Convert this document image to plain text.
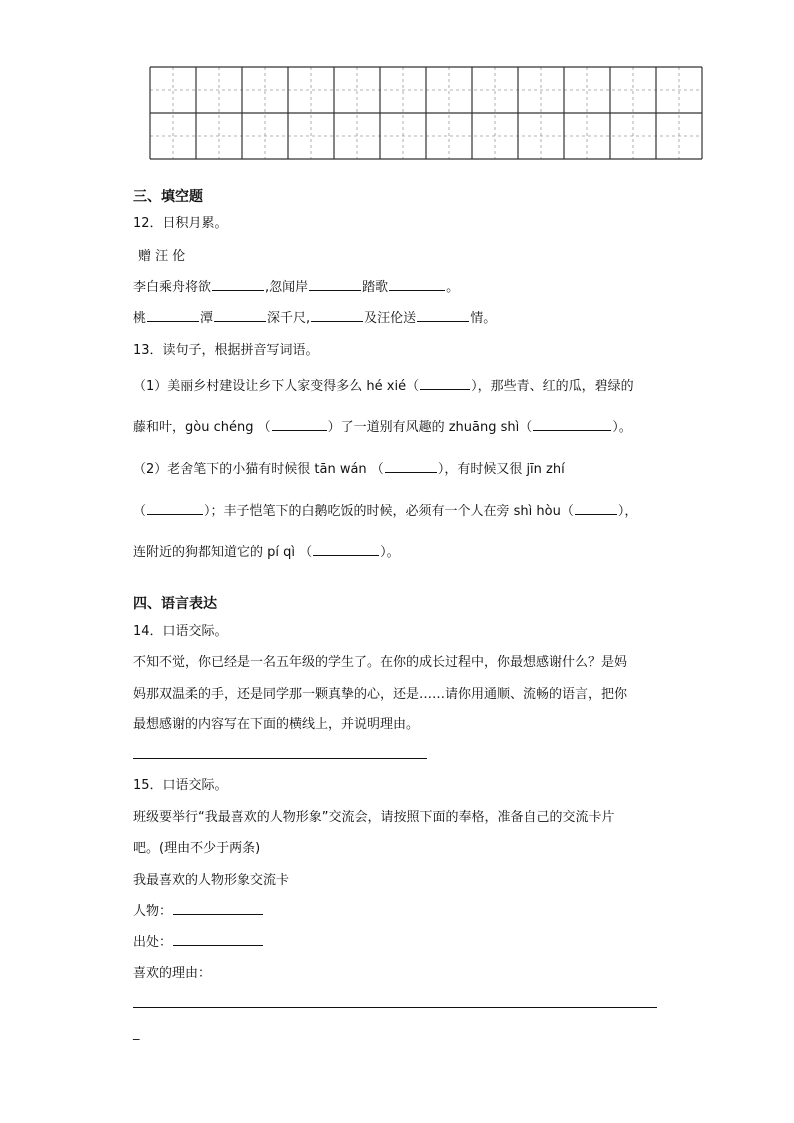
三、填空题
12．日积月累。
赠 汪 伦
李白乘舟将欲	,忽闻岸	踏歌	。
桃	潭	深千尺,	及汪伦送	情。
13．读句子，根据拼音写词语。
（1）美丽乡村建设让乡下人家变得多么 hé xié（	），那些青、红的瓜，碧绿的
藤和叶，gòu chéng （	）了一道别有风趣的 zhuāng shì（	）。
（2）老舍笔下的小猫有时候很 tān wán （	），有时候又很 jīn zhí
（	）；丰子恺笔下的白鹅吃饭的时候，必须有一个人在旁 shì hòu（	），
连附近的狗都知道它的 pí qì （	）。
四、语言表达
14．口语交际。
不知不觉，你已经是一名五年级的学生了。在你的成长过程中，你最想感谢什么？是妈
妈那双温柔的手，还是同学那一颗真挚的心，还是……请你用通顺、流畅的语言，把你
最想感谢的内容写在下面的横线上，并说明理由。
15．口语交际。
班级要举行“我最喜欢的人物形象”交流会，请按照下面的奉格，准备自己的交流卡片
吧。(理由不少于两条)
我最喜欢的人物形象交流卡
人物：
出处：
喜欢的理由：
_
